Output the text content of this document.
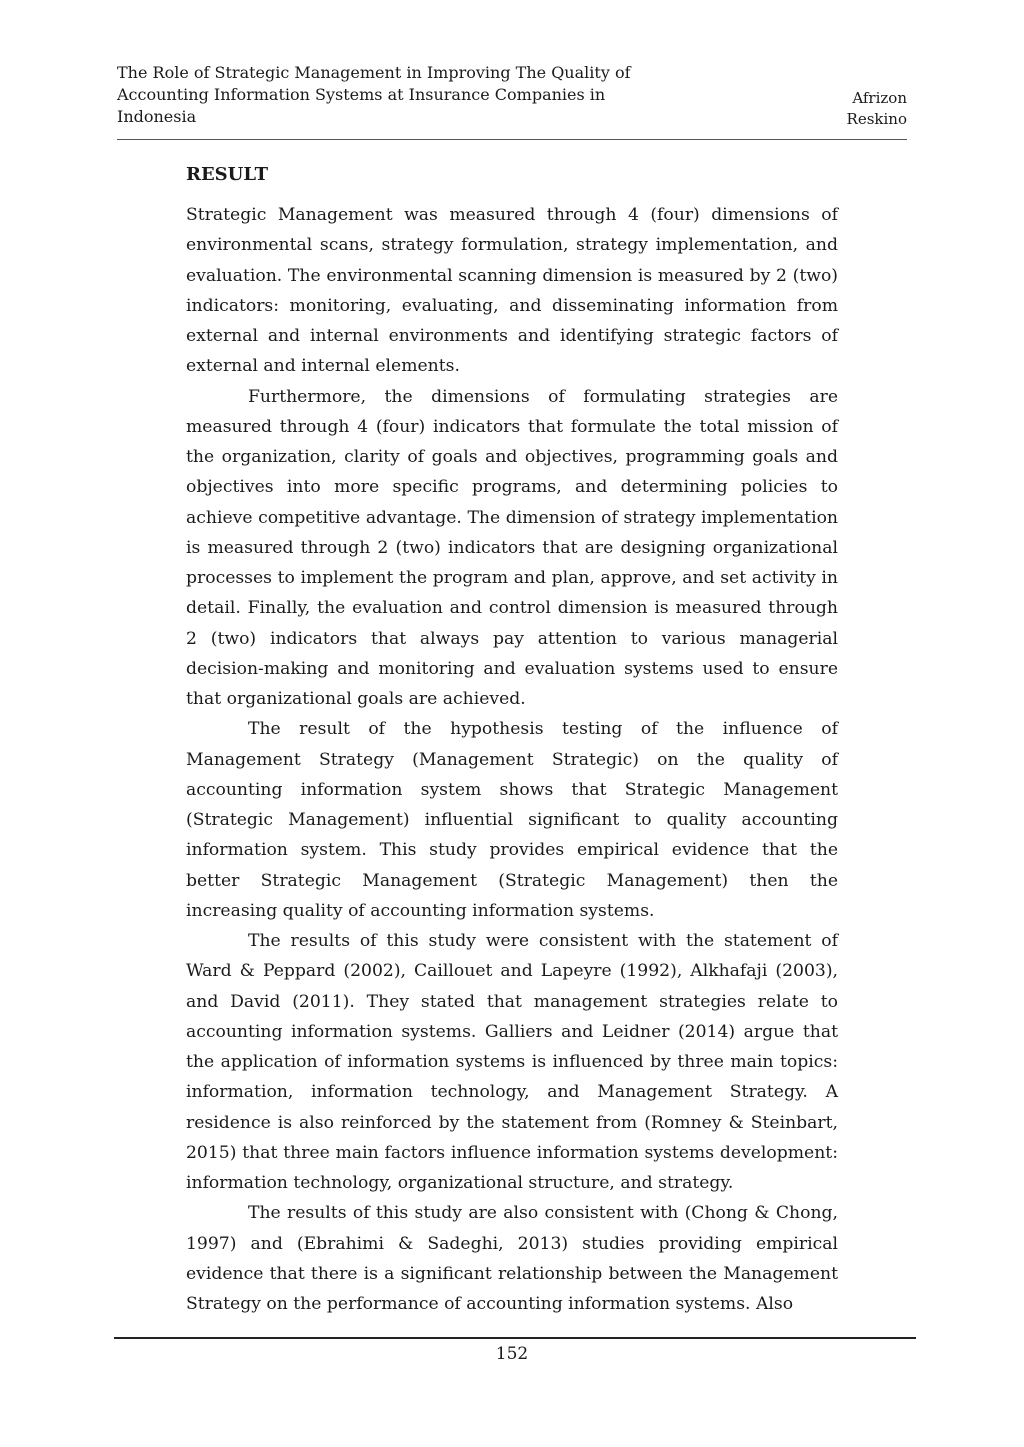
The Role of Strategic Management in Improving The Quality of Accounting Information Systems at Insurance Companies in Indonesia
Afrizon
Reskino
RESULT

Strategic Management was measured through 4 (four) dimensions of environmental scans, strategy formulation, strategy implementation, and evaluation. The environmental scanning dimension is measured by 2 (two) indicators: monitoring, evaluating, and disseminating information from external and internal environments and identifying strategic factors of external and internal elements.

Furthermore, the dimensions of formulating strategies are measured through 4 (four) indicators that formulate the total mission of the organization, clarity of goals and objectives, programming goals and objectives into more specific programs, and determining policies to achieve competitive advantage. The dimension of strategy implementation is measured through 2 (two) indicators that are designing organizational processes to implement the program and plan, approve, and set activity in detail. Finally, the evaluation and control dimension is measured through 2 (two) indicators that always pay attention to various managerial decision-making and monitoring and evaluation systems used to ensure that organizational goals are achieved.

The result of the hypothesis testing of the influence of Management Strategy (Management Strategic) on the quality of accounting information system shows that Strategic Management (Strategic Management) influential significant to quality accounting information system. This study provides empirical evidence that the better Strategic Management (Strategic Management) then the increasing quality of accounting information systems.

The results of this study were consistent with the statement of Ward & Peppard (2002), Caillouet and Lapeyre (1992), Alkhafaji (2003), and David (2011). They stated that management strategies relate to accounting information systems. Galliers and Leidner (2014) argue that the application of information systems is influenced by three main topics: information, information technology, and Management Strategy. A residence is also reinforced by the statement from (Romney & Steinbart, 2015) that three main factors influence information systems development: information technology, organizational structure, and strategy.

The results of this study are also consistent with (Chong & Chong, 1997) and (Ebrahimi & Sadeghi, 2013) studies providing empirical evidence that there is a significant relationship between the Management Strategy on the performance of accounting information systems. Also

152
